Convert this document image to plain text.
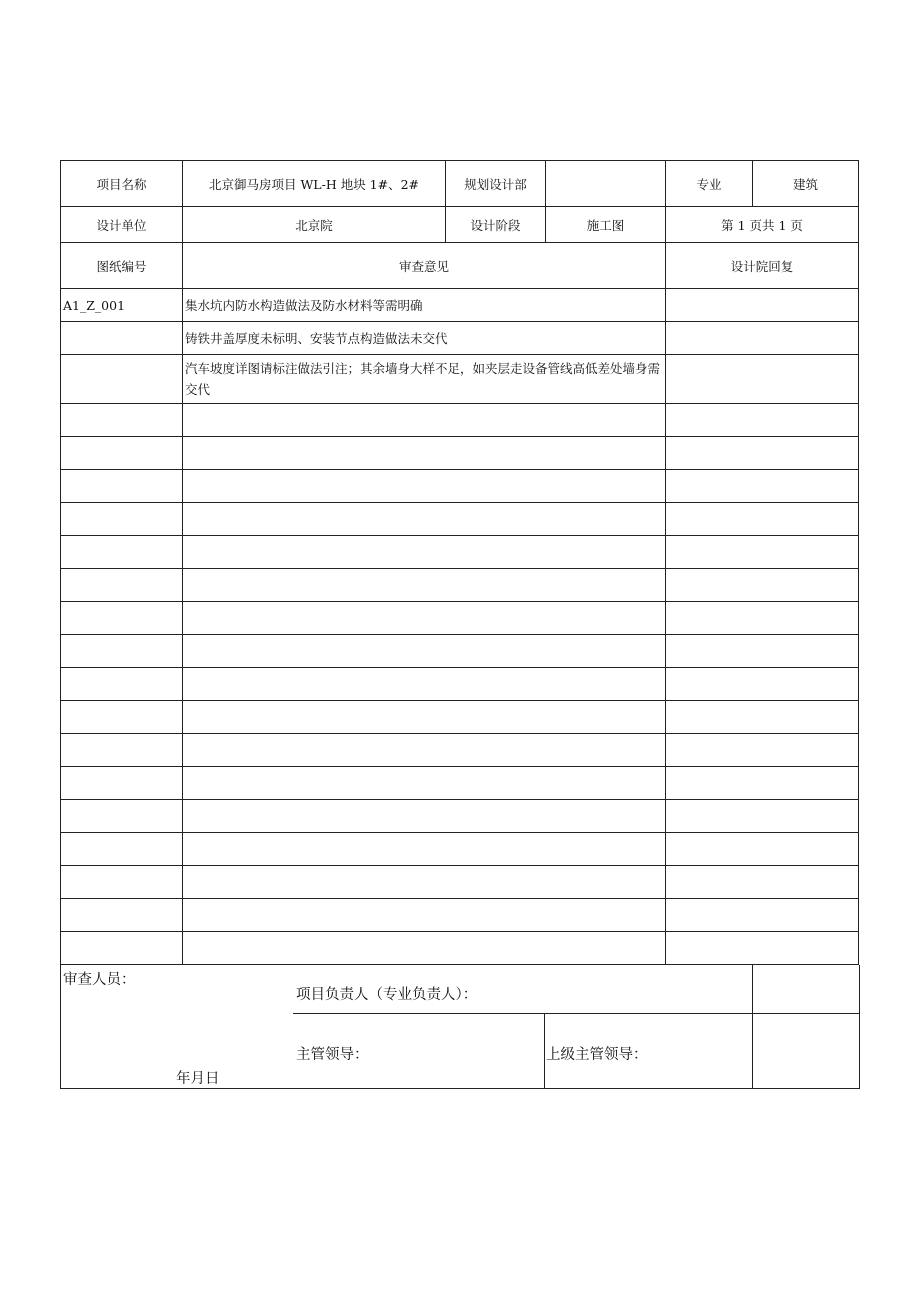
项目名称	北京御马房项目 WL-H 地块 1#、2#	规划设计部		专业	建筑
设计单位	北京院	设计阶段	施工图	第 1 页共 1 页	
图纸编号	审查意见			设计院回复	
A1_Z_001	集水坑内防水构造做法及防水材料等需明确				
	铸铁井盖厚度未标明、安装节点构造做法未交代				
	汽车坡度详图请标注做法引注；其余墙身大样不足，如夹层走设备管线高低差处墙身需交代				

审查人员：
项目负责人（专业负责人）：
主管领导：	上级主管领导：
年月日
